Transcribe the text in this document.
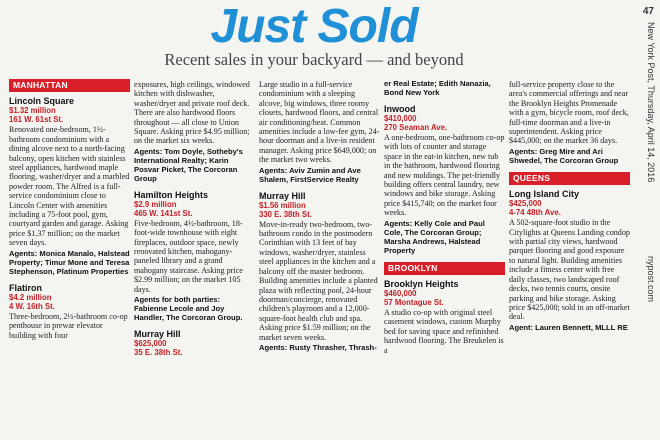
Just Sold
Recent sales in your backyard — and beyond
47
New York Post, Thursday, April 14, 2016
nypost.com
MANHATTAN
Lincoln Square
$1.32 million
161 W. 61st St.
Renovated one-bedroom, 1½-bathroom condominium with a dining alcove next to a north-facing balcony, open kitchen with stainless steel appliances, hardwood maple flooring, washer/dryer and a marbled powder room. The Alfred is a full-service condominium close to Lincoln Center with amenities including a 75-foot pool, gym, courtyard garden and garage. Asking price $1.37 million; on the market seven days.
Agents: Monica Manalo, Halstead Property; Timur Mone and Teresa Stephenson, Platinum Properties
Flatiron
$4.2 million
4 W. 16th St.
Three-bedroom, 2½-bathroom co-op penthouse in prewar elevator building with four
exposures, high ceilings, windowed kitchen with dishwasher, washer/dryer and private roof deck. There are also hardwood floors throughout — all close to Union Square. Asking price $4.95 million; on the market six weeks.
Agents: Tom Doyle, Sotheby's International Realty; Karin Posvar Picket, The Corcoran Group
Hamilton Heights
$2.9 million
465 W. 141st St.
Five-bedroom, 4½-bathroom, 18-foot-wide townhouse with eight fireplaces, outdoor space, newly renovated kitchen, mahogany-paneled library and a grand mahogany staircase. Asking price $2.99 million; on the market 105 days.
Agents for both parties: Fabienne Lecole and Joy Handler, The Corcoran Group.
Murray Hill
$625,000
35 E. 38th St.
Large studio in a full-service condominium with a sleeping alcove, big windows, three roomy closets, hardwood floors, and central air conditioning/heat. Common amenities include a low-fee gym, 24-hour doorman and a live-in resident manager. Asking price $649,000; on the market two weeks.
Agents: Aviv Zumin and Ave Shalem, FirstService Realty
Murray Hill
$1.56 million
330 E. 38th St.
Move-in-ready two-bedroom, two-bathroom condo in the postmodern Corinthian with 13 feet of bay windows, washer/dryer, stainless steel appliances in the kitchen and a balcony off the master bedroom. Building amenities include a planted plaza with reflecting pool, 24-hour doorman/concierge, renovated children's playroom and a 12,000-square-foot health club and spa. Asking price $1.59 million; on the market seven weeks.
Agents: Rusty Thrasher, Thrash-
er Real Estate; Edith Nanazia, Bond New York
Inwood
$410,000
270 Seaman Ave.
A one-bedroom, one-bathroom co-op with lots of counter and storage space in the eat-in kitchen, new tub in the bathroom, hardwood flooring and new moldings. The pet-friendly building offers central laundry, new windows and bike storage. Asking price $415,740; on the market four weeks.
Agents: Kelly Cole and Paul Cole, The Corcoran Group; Marsha Andrews, Halstead Property
BROOKLYN
Brooklyn Heights
$460,000
57 Montague St.
A studio co-op with original steel casement windows, custom Murphy bed for saving space and refinished hardwood flooring. The Breukelen is a
full-service property close to the area's commercial offerings and near the Brooklyn Heights Promenade with a gym, bicycle room, roof deck, full-time doorman and a live-in superintendent. Asking price $445,000; on the market 36 days.
Agents: Greg Mire and Ari Shwedel, The Corcoran Group
QUEENS
Long Island City
$425,000
4-74 48th Ave.
A 502-square-foot studio in the Citylights at Queens Landing condop with partial city views, hardwood parquet flooring and good exposure to natural light. Building amenities include a fitness center with free daily classes, two landscaped roof decks, two tennis courts, onsite parking and bike storage. Asking price $425,000; sold in an off-market deal.
Agent: Lauren Bennett, MLLL RE
